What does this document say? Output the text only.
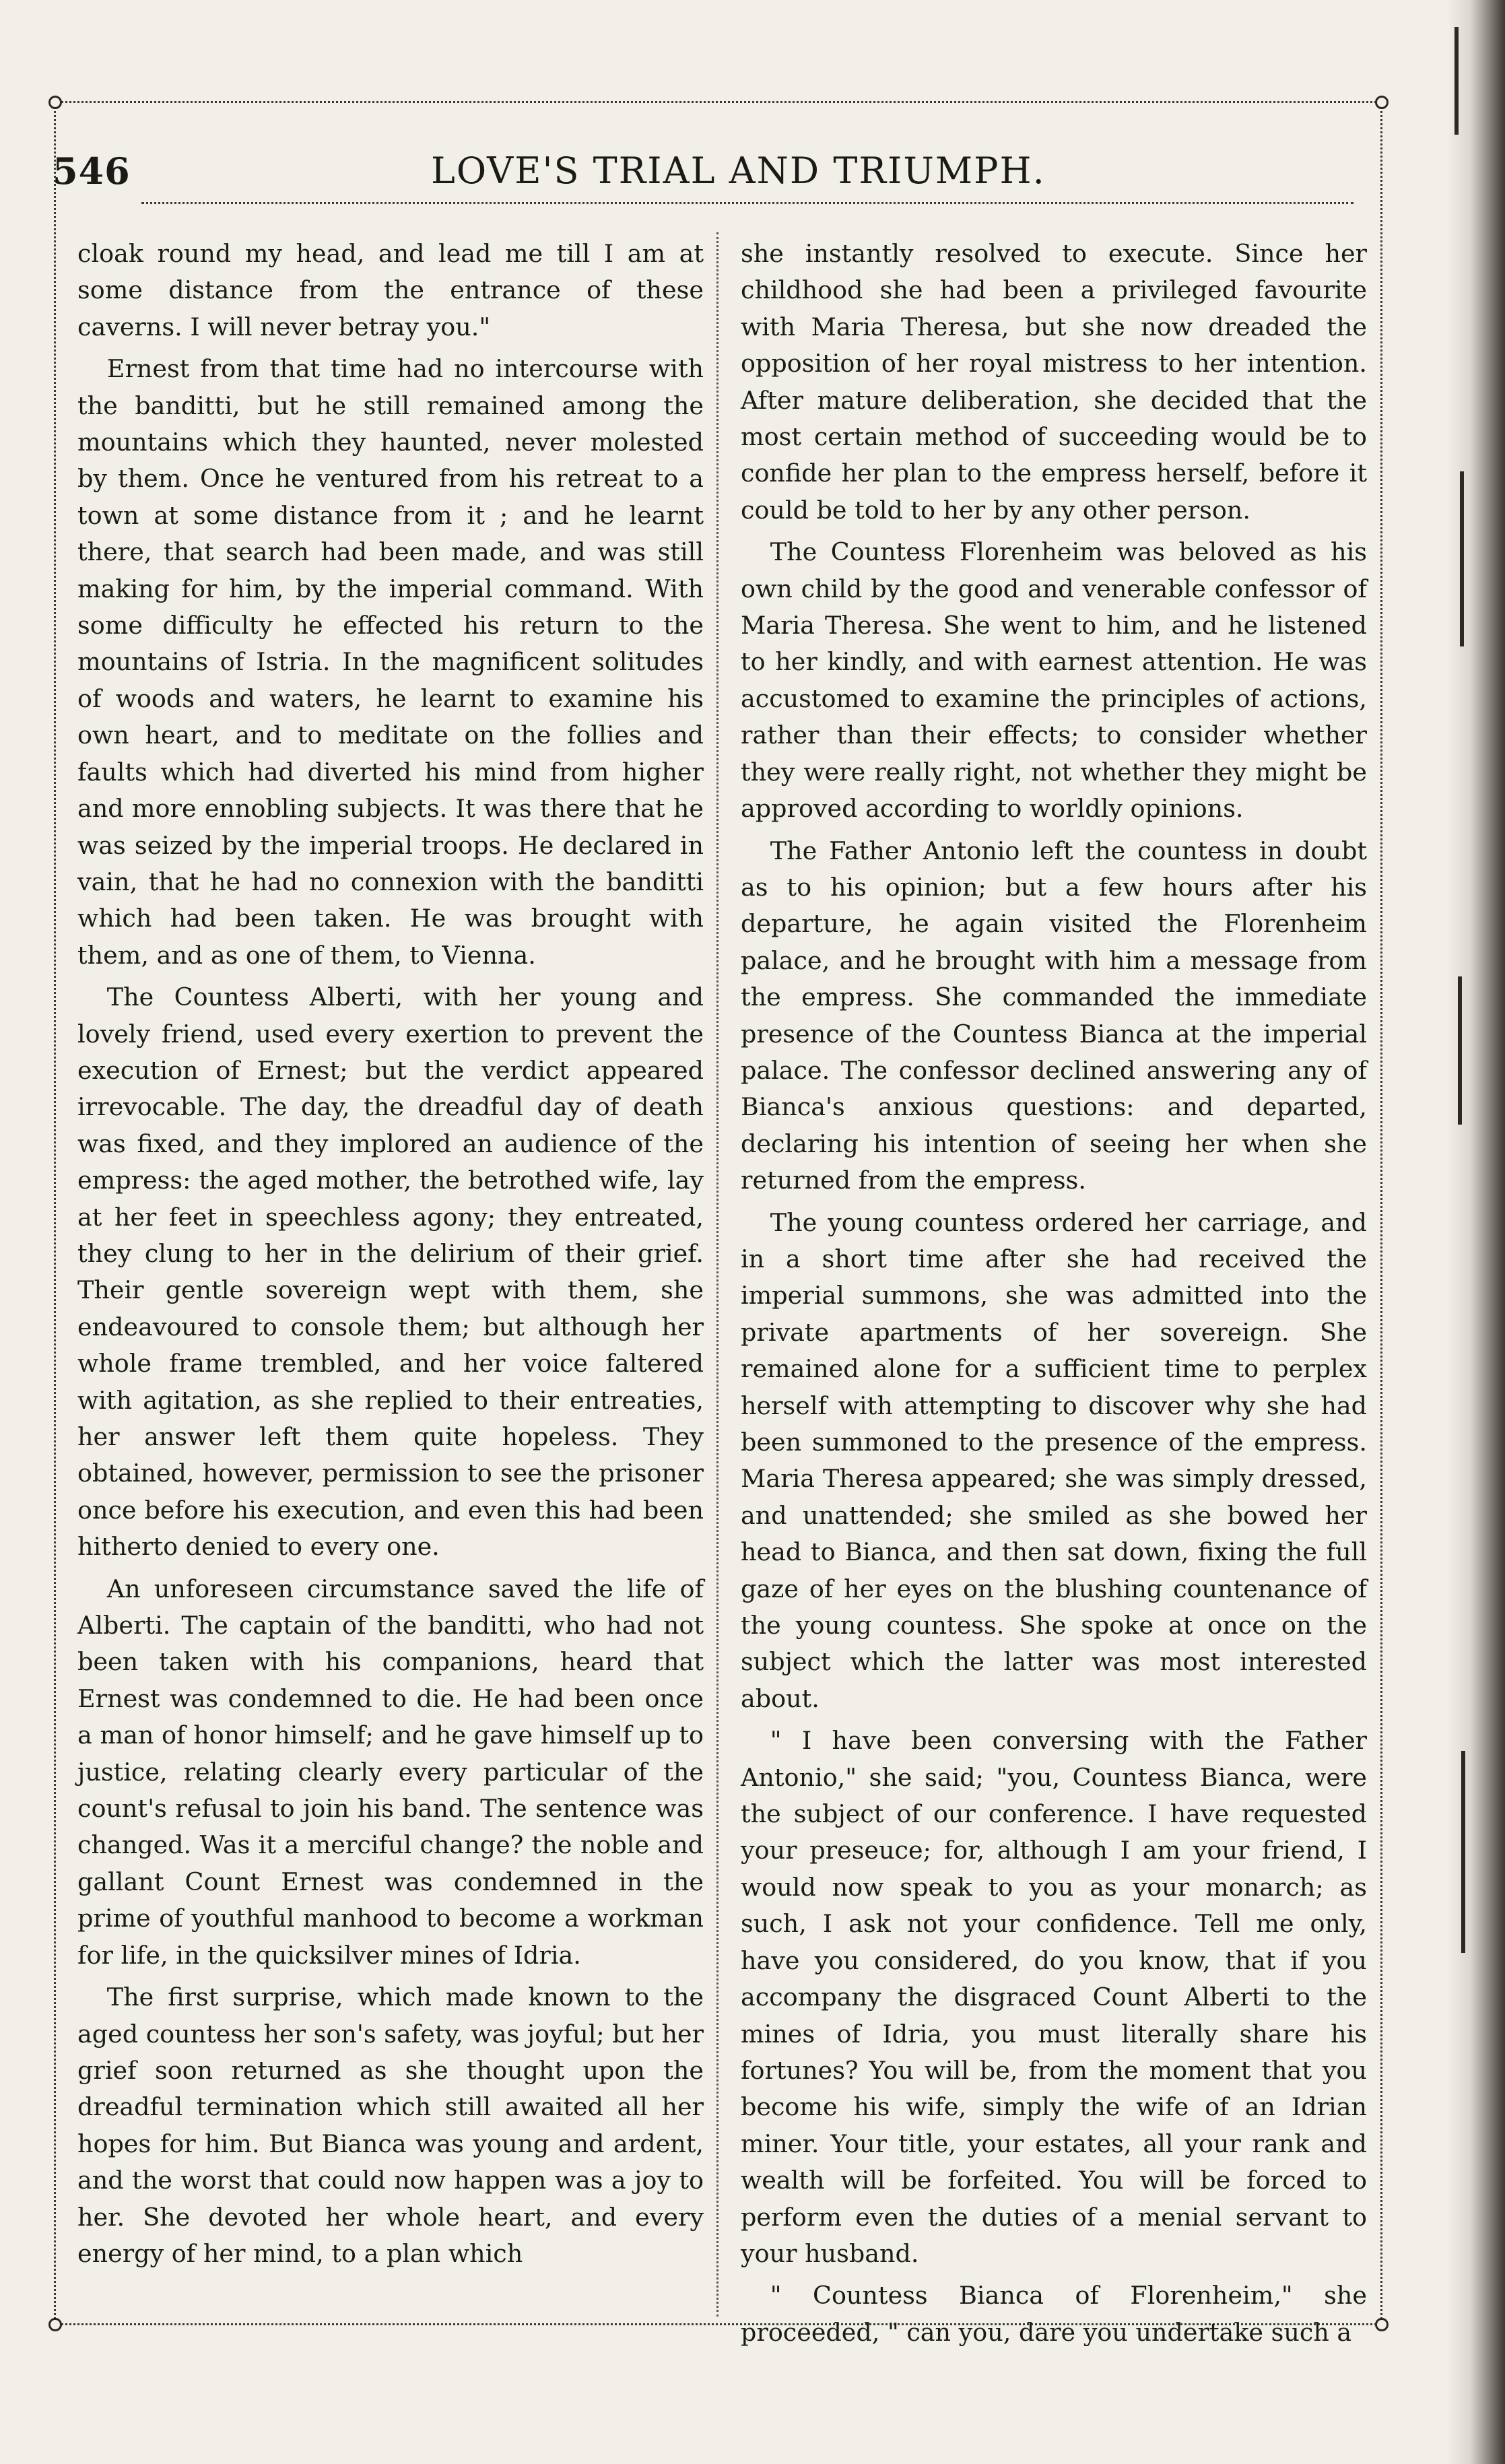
546	LOVE'S TRIAL AND TRIUMPH.

cloak round my head, and lead me till I am at some distance from the entrance of these caverns. I will never betray you."

Ernest from that time had no intercourse with the banditti, but he still remained among the mountains which they haunted, never molested by them. Once he ventured from his retreat to a town at some distance from it ; and he learnt there, that search had been made, and was still making for him, by the imperial command. With some difficulty he effected his return to the mountains of Istria. In the magnificent solitudes of woods and waters, he learnt to examine his own heart, and to meditate on the follies and faults which had diverted his mind from higher and more ennobling subjects. It was there that he was seized by the imperial troops. He declared in vain, that he had no connexion with the banditti which had been taken. He was brought with them, and as one of them, to Vienna.

The Countess Alberti, with her young and lovely friend, used every exertion to prevent the execution of Ernest; but the verdict appeared irrevocable. The day, the dreadful day of death was fixed, and they implored an audience of the empress: the aged mother, the betrothed wife, lay at her feet in speechless agony; they entreated, they clung to her in the delirium of their grief. Their gentle sovereign wept with them, she endeavoured to console them; but although her whole frame trembled, and her voice faltered with agitation, as she replied to their entreaties, her answer left them quite hopeless. They obtained, however, permission to see the prisoner once before his execution, and even this had been hitherto denied to every one.

An unforeseen circumstance saved the life of Alberti. The captain of the banditti, who had not been taken with his companions, heard that Ernest was condemned to die. He had been once a man of honor himself; and he gave himself up to justice, relating clearly every particular of the count's refusal to join his band. The sentence was changed. Was it a merciful change? the noble and gallant Count Ernest was condemned in the prime of youthful manhood to become a workman for life, in the quicksilver mines of Idria.

The first surprise, which made known to the aged countess her son's safety, was joyful; but her grief soon returned as she thought upon the dreadful termination which still awaited all her hopes for him. But Bianca was young and ardent, and the worst that could now happen was a joy to her. She devoted her whole heart, and every energy of her mind, to a plan which

she instantly resolved to execute. Since her childhood she had been a privileged favourite with Maria Theresa, but she now dreaded the opposition of her royal mistress to her intention. After mature deliberation, she decided that the most certain method of succeeding would be to confide her plan to the empress herself, before it could be told to her by any other person.

The Countess Florenheim was beloved as his own child by the good and venerable confessor of Maria Theresa. She went to him, and he listened to her kindly, and with earnest attention. He was accustomed to examine the principles of actions, rather than their effects; to consider whether they were really right, not whether they might be approved according to worldly opinions.

The Father Antonio left the countess in doubt as to his opinion; but a few hours after his departure, he again visited the Florenheim palace, and he brought with him a message from the empress. She commanded the immediate presence of the Countess Bianca at the imperial palace. The confessor declined answering any of Bianca's anxious questions: and departed, declaring his intention of seeing her when she returned from the empress.

The young countess ordered her carriage, and in a short time after she had received the imperial summons, she was admitted into the private apartments of her sovereign. She remained alone for a sufficient time to perplex herself with attempting to discover why she had been summoned to the presence of the empress. Maria Theresa appeared; she was simply dressed, and unattended; she smiled as she bowed her head to Bianca, and then sat down, fixing the full gaze of her eyes on the blushing countenance of the young countess. She spoke at once on the subject which the latter was most interested about.

" I have been conversing with the Father Antonio," she said; "you, Countess Bianca, were the subject of our conference. I have requested your preseuce; for, although I am your friend, I would now speak to you as your monarch; as such, I ask not your confidence. Tell me only, have you considered, do you know, that if you accompany the disgraced Count Alberti to the mines of Idria, you must literally share his fortunes? You will be, from the moment that you become his wife, simply the wife of an Idrian miner. Your title, your estates, all your rank and wealth will be forfeited. You will be forced to perform even the duties of a menial servant to your husband.

" Countess Bianca of Florenheim," she proceeded, " can you, dare you undertake such a
